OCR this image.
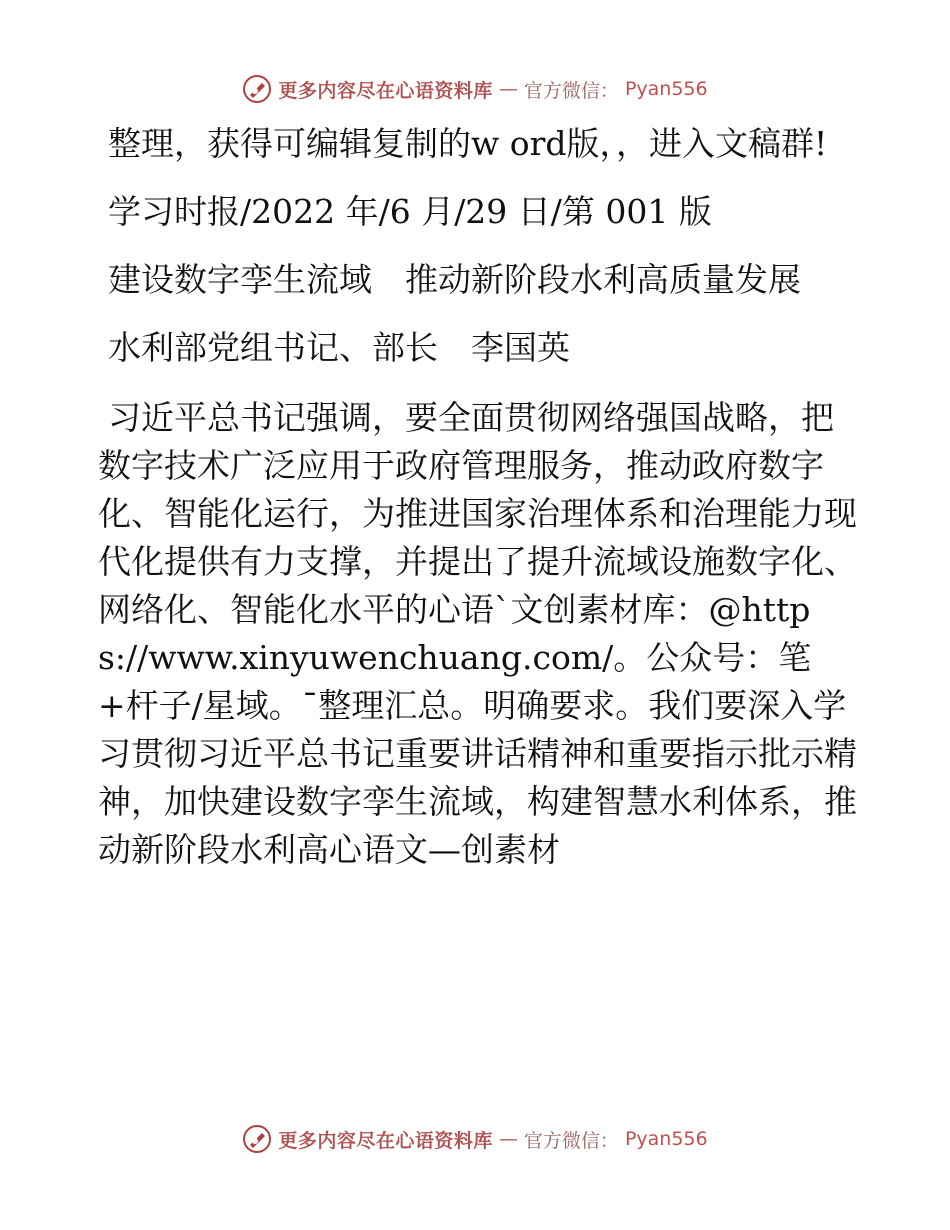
更多内容尽在心语资料库 — 官方微信： Pyan556

整理，获得可编辑复制的w ord版，，进入文稿群!

学习时报/2022 年/6 月/29 日/第 001 版

建设数字孪生流域　推动新阶段水利高质量发展

水利部党组书记、部长　李国英

习近平总书记强调，要全面贯彻网络强国战略，把数字技术广泛应用于政府管理服务，推动政府数字化、智能化运行，为推进国家治理体系和治理能力现代化提供有力支撑，并提出了提升流域设施数字化、网络化、智能化水平的心语`文创素材库：@https://www.xinyuwenchuang.com/。公众号：笔+杆子/星域。¯整理汇总。明确要求。我们要深入学习贯彻习近平总书记重要讲话精神和重要指示批示精神，加快建设数字孪生流域，构建智慧水利体系，推动新阶段水利高心语文—创素材

更多内容尽在心语资料库 — 官方微信： Pyan556
